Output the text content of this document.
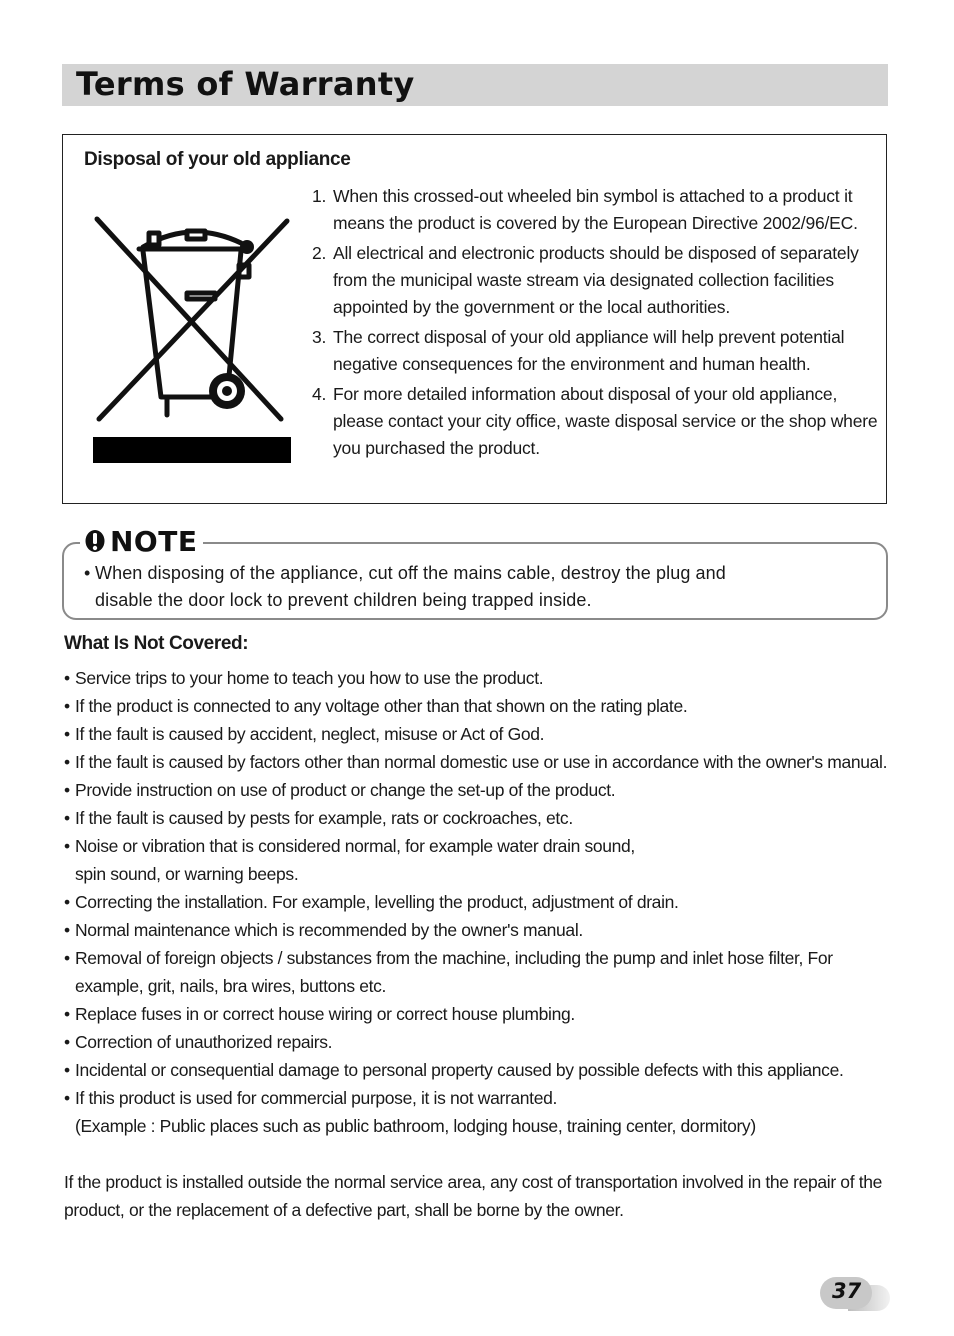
Terms of Warranty
Disposal of your old appliance
1. When this crossed-out wheeled bin symbol is attached to a product it means the product is covered by the European Directive 2002/96/EC.
2. All electrical and electronic products should be disposed of separately from the municipal waste stream via designated collection facilities appointed by the government or the local authorities.
3. The correct disposal of your old appliance will help prevent potential negative consequences for the environment and human health.
4. For more detailed information about disposal of your old appliance, please contact your city office, waste disposal service or the shop where you purchased the product.
NOTE
• When disposing of the appliance, cut off the mains cable, destroy the plug and
disable the door lock to prevent children being trapped inside.
What Is Not Covered:
• Service trips to your home to teach you how to use the product.
• If the product is connected to any voltage other than that shown on the rating plate.
• If the fault is caused by accident, neglect, misuse or Act of God.
• If the fault is caused by factors other than normal domestic use or use in accordance with the owner's manual.
• Provide instruction on use of product or change the set-up of the product.
• If the fault is caused by pests for example, rats or cockroaches, etc.
• Noise or vibration that is considered normal, for example water drain sound,
spin sound, or warning beeps.
• Correcting the installation. For example, levelling the product, adjustment of drain.
• Normal maintenance which is recommended by the owner's manual.
• Removal of foreign objects / substances from the machine, including the pump and inlet hose filter, For example, grit, nails, bra wires, buttons etc.
• Replace fuses in or correct house wiring or correct house plumbing.
• Correction of unauthorized repairs.
• Incidental or consequential damage to personal property caused by possible defects with this appliance.
• If this product is used for commercial purpose, it is not warranted.
(Example : Public places such as public bathroom, lodging house, training center, dormitory)

If the product is installed outside the normal service area, any cost of transportation involved in the repair of the product, or the replacement of a defective part, shall be borne by the owner.

37
